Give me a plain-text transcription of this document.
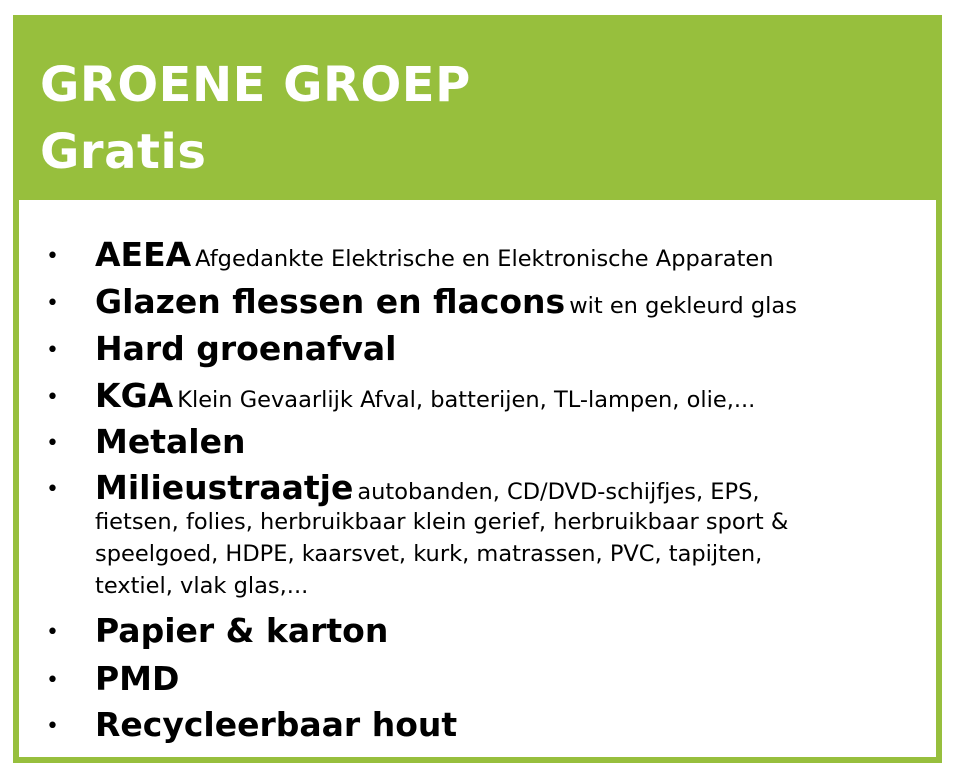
GROENE GROEP
Gratis
• AEEA Afgedankte Elektrische en Elektronische Apparaten
• Glazen flessen en flacons wit en gekleurd glas
• Hard groenafval
• KGA Klein Gevaarlijk Afval, batterijen, TL-lampen, olie,...
• Metalen
• Milieustraatje autobanden, CD/DVD-schijfjes, EPS,
fietsen, folies, herbruikbaar klein gerief, herbruikbaar sport &
speelgoed, HDPE, kaarsvet, kurk, matrassen, PVC, tapijten,
textiel, vlak glas,...
• Papier & karton
• PMD
• Recycleerbaar hout
